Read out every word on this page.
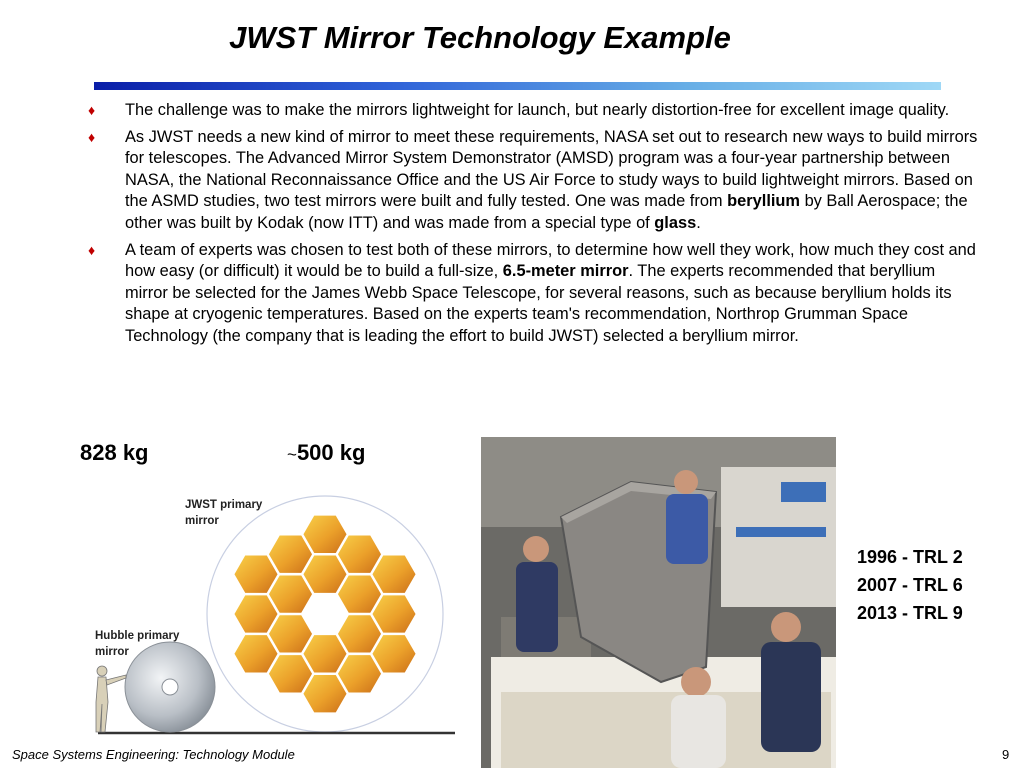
JWST Mirror Technology Example
♦ The challenge was to make the mirrors lightweight for launch, but nearly distortion-free for excellent image quality.
♦ As JWST needs a new kind of mirror to meet these requirements, NASA set out to research new ways to build mirrors for telescopes. The Advanced Mirror System Demonstrator (AMSD) program was a four-year partnership between NASA, the National Reconnaissance Office and the US Air Force to study ways to build lightweight mirrors. Based on the ASMD studies, two test mirrors were built and fully tested. One was made from beryllium by Ball Aerospace; the other was built by Kodak (now ITT) and was made from a special type of glass.
♦ A team of experts was chosen to test both of these mirrors, to determine how well they work, how much they cost and how easy (or difficult) it would be to build a full-size, 6.5-meter mirror. The experts recommended that beryllium mirror be selected for the James Webb Space Telescope, for several reasons, such as because beryllium holds its shape at cryogenic temperatures. Based on the experts team's recommendation, Northrop Grumman Space Technology (the company that is leading the effort to build JWST) selected a beryllium mirror.
828 kg	~500 kg
JWST primary
mirror
Hubble primary
mirror
1996 - TRL 2
2007 - TRL 6
2013 - TRL 9
Space Systems Engineering: Technology Module	9
